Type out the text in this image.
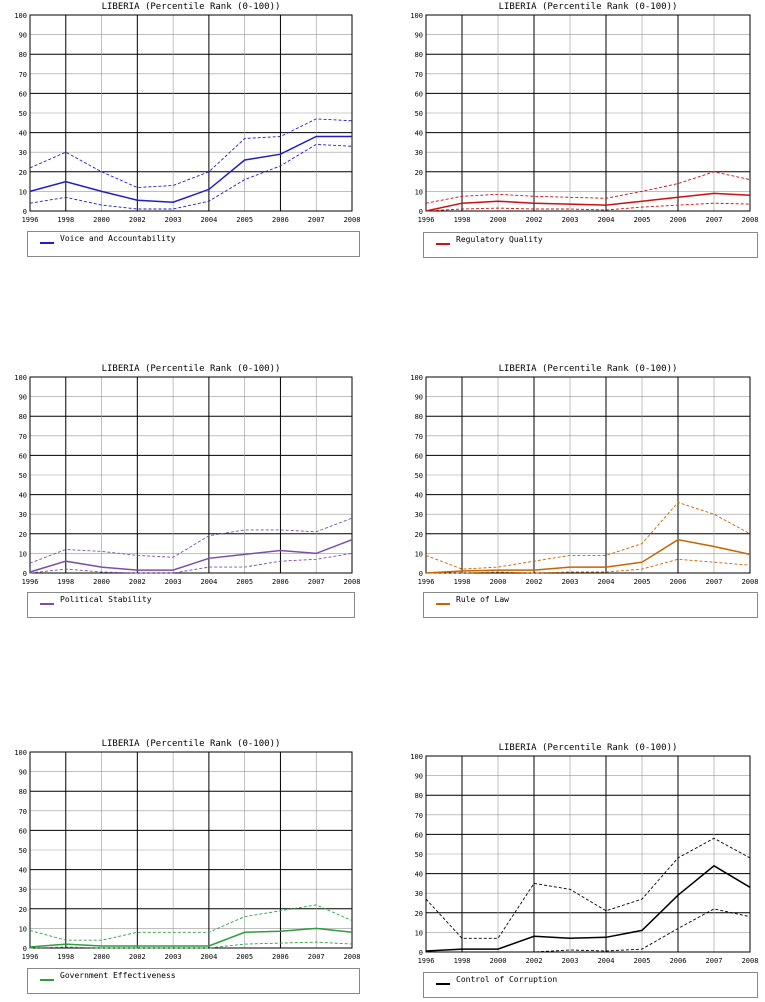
LIBERIA (Percentile Rank (0-100))
0
10
20
30
40
50
60
70
80
90
100
1996	1998	2000	2002	2003	2004	2005	2006	2007	2008
Voice and Accountability
LIBERIA (Percentile Rank (0-100))
0
10
20
30
40
50
60
70
80
90
100
1996	1998	2000	2002	2003	2004	2005	2006	2007	2008
Regulatory Quality
LIBERIA (Percentile Rank (0-100))
0
10
20
30
40
50
60
70
80
90
100
1996	1998	2000	2002	2003	2004	2005	2006	2007	2008
Political Stability
LIBERIA (Percentile Rank (0-100))
0
10
20
30
40
50
60
70
80
90
100
1996	1998	2000	2002	2003	2004	2005	2006	2007	2008
Rule of Law
LIBERIA (Percentile Rank (0-100))
0
10
20
30
40
50
60
70
80
90
100
1996	1998	2000	2002	2003	2004	2005	2006	2007	2008
Government Effectiveness
LIBERIA (Percentile Rank (0-100))
0
10
20
30
40
50
60
70
80
90
100
1996	1998	2000	2002	2003	2004	2005	2006	2007	2008
Control of Corruption
